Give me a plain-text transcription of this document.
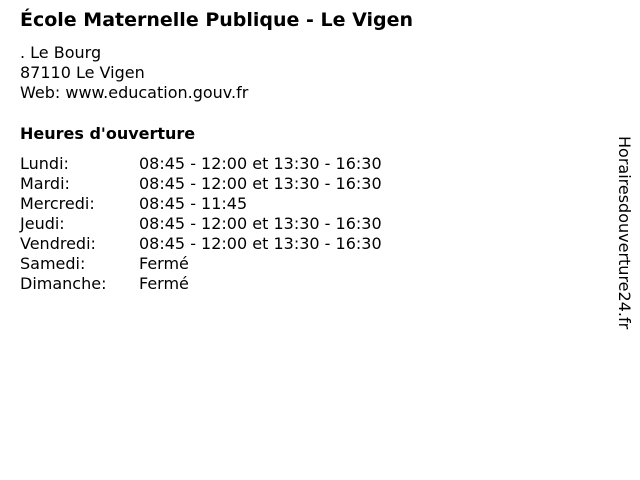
École Maternelle Publique - Le Vigen
. Le Bourg
87110 Le Vigen
Web: www.education.gouv.fr
Heures d'ouverture
Lundi:	08:45 - 12:00 et 13:30 - 16:30
Mardi:	08:45 - 12:00 et 13:30 - 16:30
Mercredi:	08:45 - 11:45
Jeudi:	08:45 - 12:00 et 13:30 - 16:30
Vendredi:	08:45 - 12:00 et 13:30 - 16:30
Samedi:	Fermé
Dimanche:	Fermé	Horairesdouverture24.fr
